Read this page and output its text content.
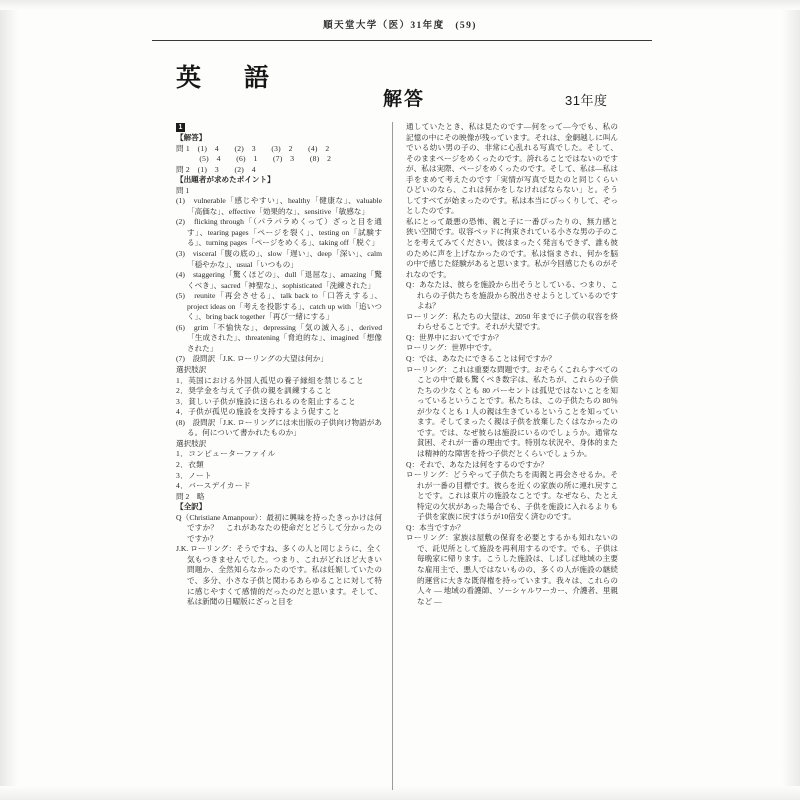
順天堂大学（医）31年度　(59)
英　語
解答	31年度

1

【解答】

問 1　(1)　4　　(2)　3　　(3)　2　　(4)　2

　　　(5)　4　　(6)　1　　(7)　3　　(8)　2

問 2　(1)　3　　(2)　4

【出題者が求めたポイント】

問 1

(1)　vulnerable「感じやすい」、healthy「健康な」、valuable「高価な」、effective「効果的な」、sensitive「敏感な」

(2)　flicking through「（パラパラめくって）ざっと目を通す」、tearing pages「ページを裂く」、testing on「試験する」、turning pages「ページをめくる」、taking off「脱ぐ」

(3)　visceral「腹の底の」、slow「遅い」、deep「深い」、calm「穏やかな」、usual「いつもの」

(4)　staggering「驚くほどの」、dull「退屈な」、amazing「驚くべき」、sacred「神聖な」、sophisticated「洗練された」

(5)　reunite「再会させる」、talk back to「口答えする」、project ideas on「考えを投影する」、catch up with「追いつく」、bring back together「再び一緒にする」

(6)　grim「不愉快な」、depressing「気の滅入る」、derived「生成された」、threatening「脅迫的な」、imagined「想像された」

(7)　設問訳「J.K. ローリングの大望は何か」

選択肢訳

1．英国における外国人孤児の養子縁組を禁じること

2．奨学金を与えて子供の親を訓練すること

3．貧しい子供が施設に送られるのを阻止すること

4．子供が孤児の施設を支持するよう促すこと

(8)　設問訳「J.K. ローリングには未出版の子供向け物語がある。何について書かれたものか」

選択肢訳

1．コンピューターファイル

2．衣類

3．ノート

4．バースデイカード

問 2　略

【全訳】

Q（Christiane Amanpour）：最初に興味を持ったきっかけは何ですか？　これがあなたの使命だとどうして分かったのですか？

J.K. ローリング：そうですね、多くの人と同じように、全く気もつきませんでした。つまり、これがどれほど大きい問題か、全然知らなかったのです。私は妊娠していたので、多分、小さな子供と関わるあらゆることに対して特に感じやすくて感情的だったのだと思います。そして、私は新聞の日曜版にざっと目を

通していたとき、私は見たのです―何をって―今でも、私の記憶の中にその映像が残っています。それは、金網越しに叫んでいる幼い男の子の、非常に心乱れる写真でした。そして、そのままページをめくったのです。誇れることではないのですが、私は実際、ページをめくったのです。そして、私は―私は手をまめて考えたのです「実情が写真で見たのと同じくらいひどいのなら、これは何かをしなければならない」と。そうしてすべてが始まったのです。私は本当にびっくりして、ぞっとしたのです。

私にとって最悪の恐怖、親と子に一番ぴったりの、無力感と狭い空間です。収容ベッドに拘束されている小さな男の子のことを考えてみてください。彼はまったく発言もできず、誰も彼のために声を上げなかったのです。私は悩まされ、何かを脳の中で感じた経験があると思います。私が今回感じたものがそれなのです。

Q：あなたは、彼らを施設から出そうとしている、つまり、これらの子供たちを施設から脱出させようとしているのですよね？

ローリング：私たちの大望は、2050 年までに子供の収容を終わらせることです。それが大望です。

Q：世界中においてですか？

ローリング：世界中です。

Q：では、あなたにできることは何ですか？

ローリング：これは重要な問題です。おそらくこれらすべてのことの中で最も驚くべき数字は、私たちが、これらの子供たちの少なくとも 80 パーセントは孤児ではないことを知っているということです。私たちは、この子供たちの 80％が少なくとも 1 人の親は生きているということを知っています。そしてまったく親は子供を放棄したくはなかったのです。では、なぜ彼らは施設にいるのでしょうか。通常な貧困、それが一番の理由です。特別な状況や、身体的または精神的な障害を持つ子供だとくらいでしょうか。

Q：それで、あなたは何をするのですか？

ローリング：どうやって子供たちを両親と再会させるか。それが一番の目標です。彼らを近くの家族の所に連れ戻すことです。これは東片の施設なことです。なぜなら、たとえ特定の欠状があった場合でも、子供を施設に入れるよりも子供を家族に戻すほうが10倍安く済むのです。

Q：本当ですか？

ローリング：家族は屋敷の保育を必要とするかも知れないので、託児所として施設を再利用するのです。でも、子供は毎晩家に帰ります。こうした施設は、しばしば地域の主要な雇用主で、悪人ではないものの、多くの人が施設の継続的運営に大きな既得権を持っています。我々は、これらの人々 ― 地域の看護師、ソーシャルワーカー、介護者、里親など ―
